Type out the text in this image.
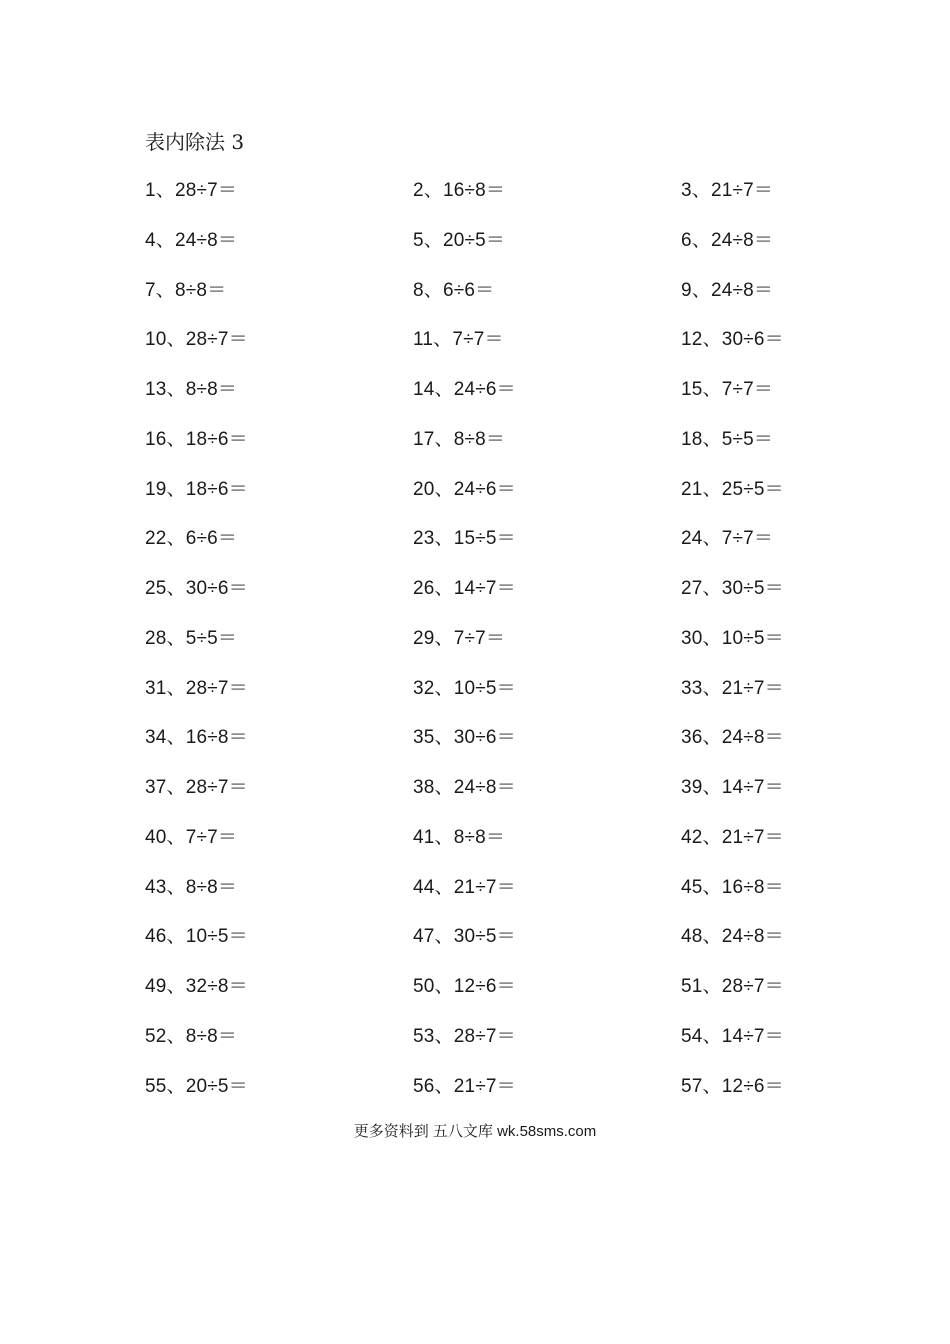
表内除法 3
1、28÷7＝	2、16÷8＝	3、21÷7＝
4、24÷8＝	5、20÷5＝	6、24÷8＝
7、8÷8＝	8、6÷6＝	9、24÷8＝
10、28÷7＝	11、7÷7＝	12、30÷6＝
13、8÷8＝	14、24÷6＝	15、7÷7＝
16、18÷6＝	17、8÷8＝	18、5÷5＝
19、18÷6＝	20、24÷6＝	21、25÷5＝
22、6÷6＝	23、15÷5＝	24、7÷7＝
25、30÷6＝	26、14÷7＝	27、30÷5＝
28、5÷5＝	29、7÷7＝	30、10÷5＝
31、28÷7＝	32、10÷5＝	33、21÷7＝
34、16÷8＝	35、30÷6＝	36、24÷8＝
37、28÷7＝	38、24÷8＝	39、14÷7＝
40、7÷7＝	41、8÷8＝	42、21÷7＝
43、8÷8＝	44、21÷7＝	45、16÷8＝
46、10÷5＝	47、30÷5＝	48、24÷8＝
49、32÷8＝	50、12÷6＝	51、28÷7＝
52、8÷8＝	53、28÷7＝	54、14÷7＝
55、20÷5＝	56、21÷7＝	57、12÷6＝
更多资料到 五八文库 wk.58sms.com
